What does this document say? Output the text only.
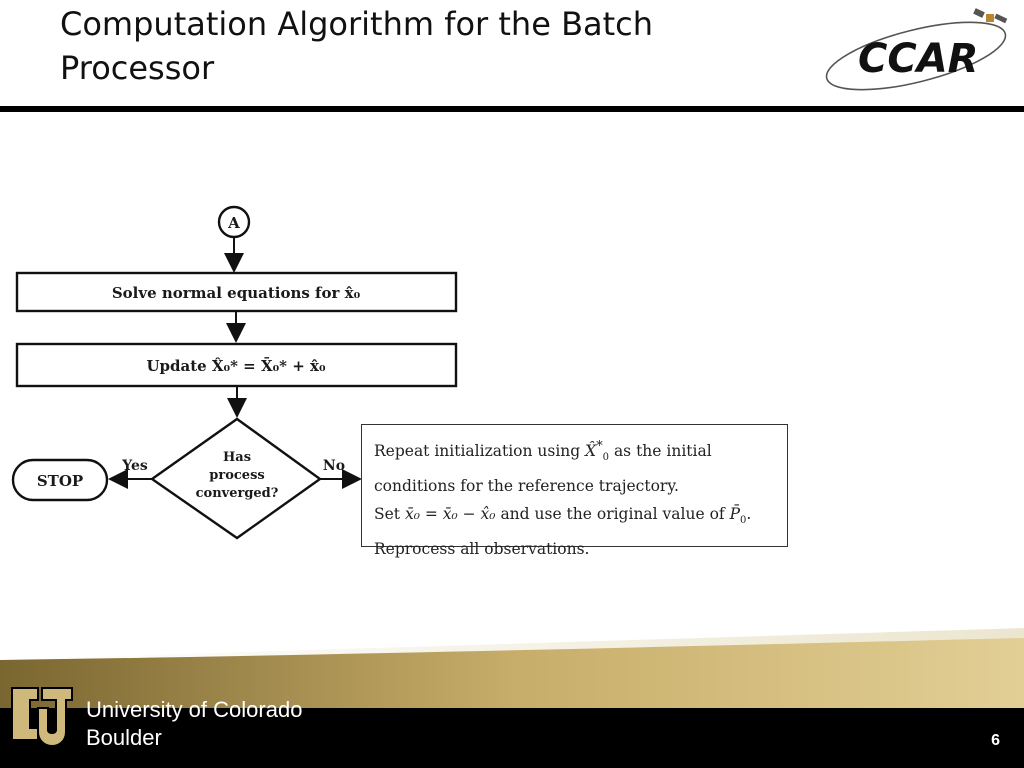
Computation Algorithm for the Batch
Processor	CCAR
A
Solve normal equations for x̂₀
Update X̂₀* = X̄₀* + x̂₀
Has
process
converged?
Yes
STOP
No
Repeat initialization using $X̂^*_0$ as the initial
conditions for the reference trajectory.
Set x̄₀ = x̄₀ − x̂₀ and use the original value of $P̄_0$.
Reprocess all observations.
University of Colorado
Boulder	6
